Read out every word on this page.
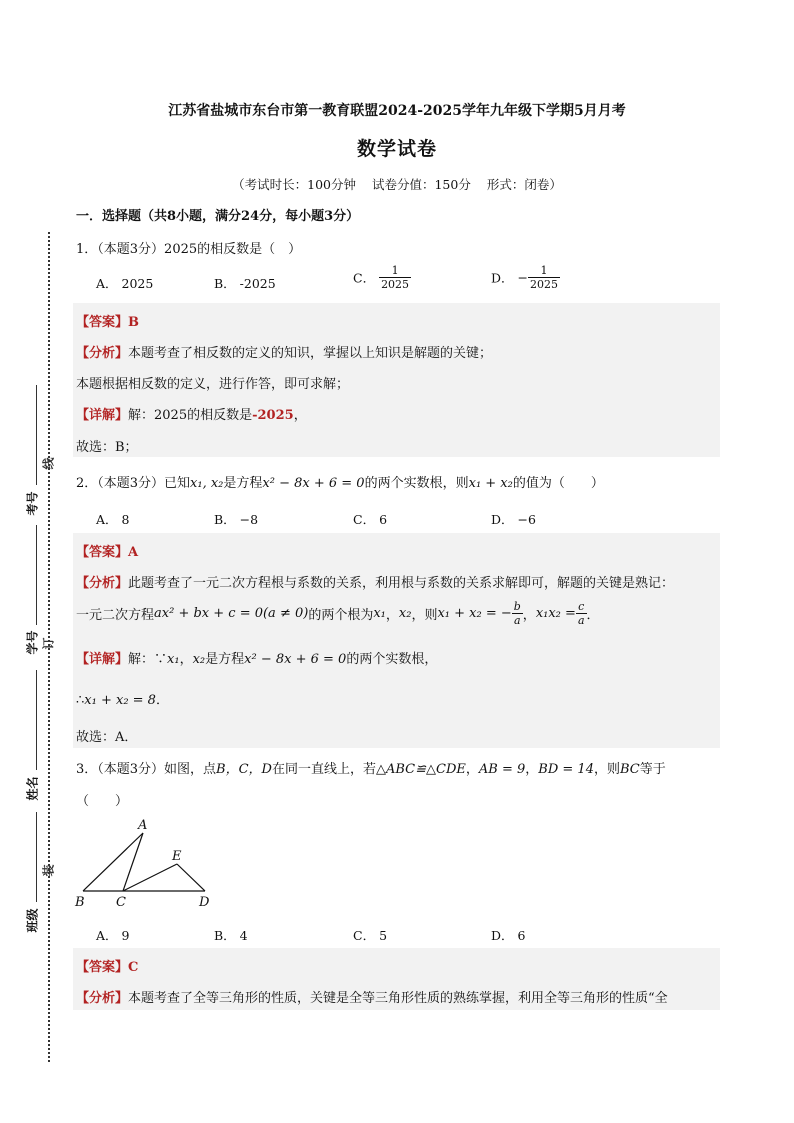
线
订
装
考号
学号
姓名
班级
江苏省盐城市东台市第一教育联盟2024-2025学年九年级下学期5月月考
数学试卷
（考试时长：100分钟 试卷分值：150分 形式：闭卷）
一．选择题（共8小题，满分24分，每小题3分）
1．（本题3分）2025的相反数是（　）
A． 2025	B． -2025	C． $\frac{1}{2025}$	D． − $\frac{1}{2025}$
【答案】B
【分析】本题考查了相反数的定义的知识，掌握以上知识是解题的关键；
本题根据相反数的定义，进行作答，即可求解；
【详解】解：2025的相反数是-2025，
故选：B；
2．（本题3分）已知x₁, x₂是方程x² − 8x + 6 = 0的两个实数根，则x₁ + x₂的值为（　　）
A． 8	B． −8	C． 6	D． −6
【答案】A
【分析】此题考查了一元二次方程根与系数的关系，利用根与系数的关系求解即可，解题的关键是熟记：
一元二次方程ax² + bx + c = 0(a ≠ 0)的两个根为x₁，x₂，则x₁ + x₂ = − $\frac{b}{a}$ ，$x_1x_2 = \frac{c}{a}$ ．
【详解】解：∵x₁，x₂是方程x² − 8x + 6 = 0的两个实数根，
∴x₁ + x₂ = 8．
故选：A．
3．（本题3分）如图，点B，C，D在同一直线上，若△ABC≌△CDE，AB = 9，BD = 14，则BC等于
（　　）
A
B C	D
E
A． 9	B． 4	C． 5	D． 6
【答案】C
【分析】本题考查了全等三角形的性质，关键是全等三角形性质的熟练掌握，利用全等三角形的性质“全
